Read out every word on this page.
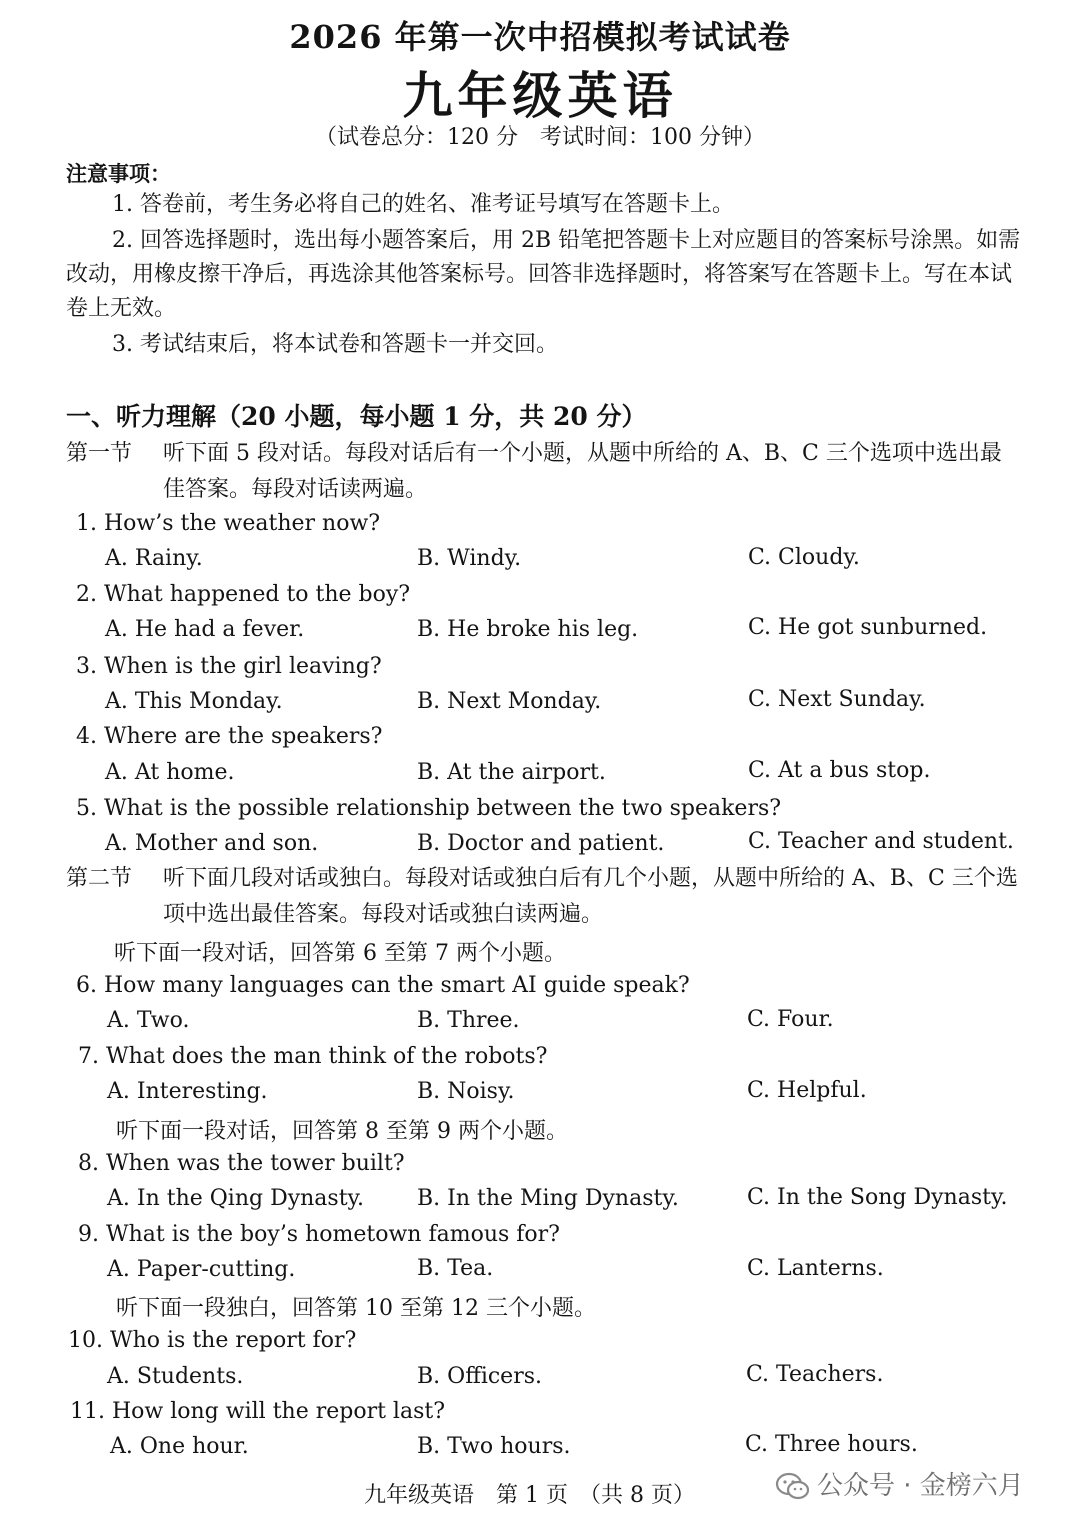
2026 年第一次中招模拟考试试卷
九年级英语
（试卷总分：120 分　考试时间：100 分钟）
注意事项：
1. 答卷前，考生务必将自己的姓名、准考证号填写在答题卡上。
2. 回答选择题时，选出每小题答案后，用 2B 铅笔把答题卡上对应题目的答案标号涂黑。如需改动，用橡皮擦干净后，再选涂其他答案标号。回答非选择题时，将答案写在答题卡上。写在本试卷上无效。
3. 考试结束后，将本试卷和答题卡一并交回。
一、听力理解（20 小题，每小题 1 分，共 20 分）
第一节 听下面 5 段对话。每段对话后有一个小题，从题中所给的 A、B、C 三个选项中选出最佳答案。每段对话读两遍。
1. How’s the weather now?
A. Rainy.	B. Windy.	C. Cloudy.
2. What happened to the boy?
A. He had a fever.	B. He broke his leg.	C. He got sunburned.
3. When is the girl leaving?
A. This Monday.	B. Next Monday.	C. Next Sunday.
4. Where are the speakers?
A. At home.	B. At the airport.	C. At a bus stop.
5. What is the possible relationship between the two speakers?
A. Mother and son.	B. Doctor and patient.	C. Teacher and student.
第二节 听下面几段对话或独白。每段对话或独白后有几个小题，从题中所给的 A、B、C 三个选项中选出最佳答案。每段对话或独白读两遍。
听下面一段对话，回答第 6 至第 7 两个小题。
6. How many languages can the smart AI guide speak?
A. Two.	B. Three.	C. Four.
7. What does the man think of the robots?
A. Interesting.	B. Noisy.	C. Helpful.
听下面一段对话，回答第 8 至第 9 两个小题。
8. When was the tower built?
A. In the Qing Dynasty. B. In the Ming Dynasty.	C. In the Song Dynasty.
9. What is the boy’s hometown famous for?
A. Paper-cutting.	B. Tea.	C. Lanterns.
听下面一段独白，回答第 10 至第 12 三个小题。
10. Who is the report for?
A. Students.	B. Officers.	C. Teachers.
11. How long will the report last?
A. One hour.	B. Two hours.	C. Three hours.
九年级英语　第 1 页　（共 8 页）	公众号 · 金榜六月
